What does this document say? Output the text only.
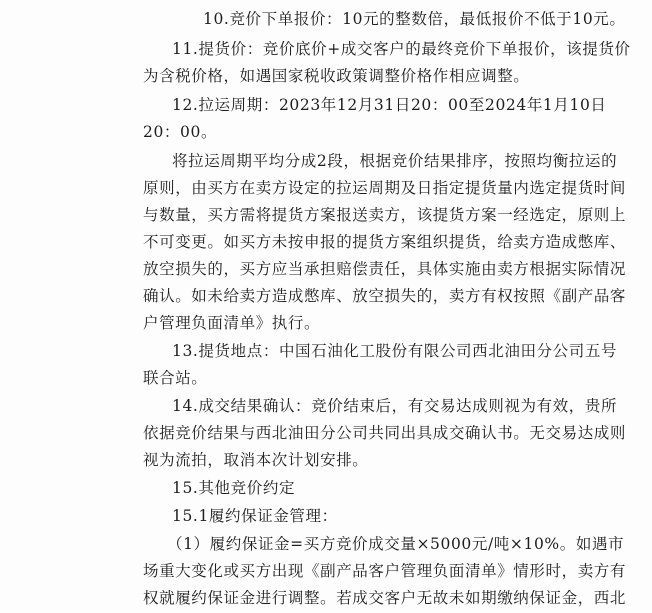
10.竞价下单报价：10元的整数倍，最低报价不低于10元。
11.提货价：竞价底价+成交客户的最终竞价下单报价，该提货价
为含税价格，如遇国家税收政策调整价格作相应调整。
12.拉运周期：2023年12月31日20：00至2024年1月10日
20：00。
将拉运周期平均分成2段，根据竞价结果排序，按照均衡拉运的
原则，由买方在卖方设定的拉运周期及日指定提货量内选定提货时间
与数量，买方需将提货方案报送卖方，该提货方案一经选定，原则上
不可变更。如买方未按申报的提货方案组织提货，给卖方造成憋库、
放空损失的，买方应当承担赔偿责任，具体实施由卖方根据实际情况
确认。如未给卖方造成憋库、放空损失的，卖方有权按照《副产品客
户管理负面清单》执行。
13.提货地点：中国石油化工股份有限公司西北油田分公司五号
联合站。
14.成交结果确认：竞价结束后，有交易达成则视为有效，贵所
依据竞价结果与西北油田分公司共同出具成交确认书。无交易达成则
视为流拍，取消本次计划安排。
15.其他竞价约定
15.1履约保证金管理：
（1）履约保证金=买方竞价成交量×5000元/吨×10%。如遇市
场重大变化或买方出现《副产品客户管理负面清单》情形时，卖方有
权就履约保证金进行调整。若成交客户无故未如期缴纳保证金，西北
